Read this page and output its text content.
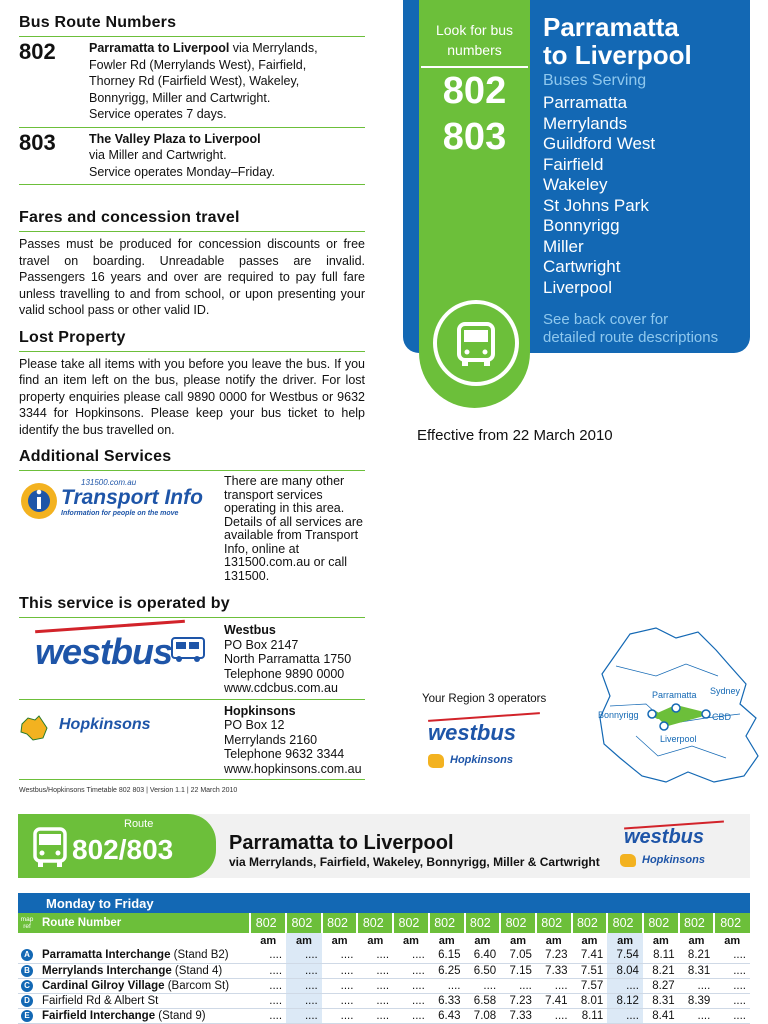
Bus Route Numbers
802	Parramatta to Liverpool via Merrylands,
Fowler Rd (Merrylands West), Fairfield,
Thorney Rd (Fairfield West), Wakeley,
Bonnyrigg, Miller and Cartwright.
Service operates 7 days.
803	The Valley Plaza to Liverpool
via Miller and Cartwright.
Service operates Monday–Friday.
Fares and concession travel
Passes must be produced for concession discounts or free travel on boarding. Unreadable passes are invalid. Passengers 16 years and over are required to pay full fare unless travelling to and from school, or upon presenting your valid school pass or other valid ID.
Lost Property
Please take all items with you before you leave the bus. If you find an item left on the bus, please notify the driver. For lost property enquiries please call 9890 0000 for Westbus or 9632 3344 for Hopkinsons. Please keep your bus ticket to help identify the bus travelled on.
Additional Services
131500.com.au
Transport Info
Information for people on the move
There are many other transport services operating in this area. Details of all services are available from Transport Info, online at 131500.com.au or call 131500.
This service is operated by
westbus
Westbus
PO Box 2147
North Parramatta 1750
Telephone 9890 0000
www.cdcbus.com.au
Hopkinsons
Hopkinsons
PO Box 12
Merrylands 2160
Telephone 9632 3344
www.hopkinsons.com.au
Westbus/Hopkinsons Timetable 802 803 | Version 1.1 | 22 March 2010
Look for bus numbers
802
803
Parramatta
to Liverpool
Buses Serving
Parramatta
Merrylands
Guildford West
Fairfield
Wakeley
St Johns Park
Bonnyrigg
Miller
Cartwright
Liverpool
See back cover for
detailed route descriptions
Effective from 22 March 2010
Your Region 3 operators
westbus
Hopkinsons
Parramatta Sydney
CBD
Bonnyrigg
Liverpool
Route
802/803	Parramatta to Liverpool
via Merrylands, Fairfield, Wakeley, Bonnyrigg, Miller & Cartwright
westbus
Hopkinsons
Monday to Friday
map ref	Route Number	802	802	802	802	802	802	802	802	802	802	802	802	802	802
		am	am	am	am	am	am	am	am	am	am	am	am	am	am
A	Parramatta Interchange (Stand B2)	....	....	....	....	....	6.15	6.40	7.05	7.23	7.41	7.54	8.11	8.21	....
B	Merrylands Interchange (Stand 4)	....	....	....	....	....	6.25	6.50	7.15	7.33	7.51	8.04	8.21	8.31	....
C	Cardinal Gilroy Village (Barcom St)	....	....	....	....	....	....	....	....	....	7.57	....	8.27	....	....
D	Fairfield Rd & Albert St	....	....	....	....	....	6.33	6.58	7.23	7.41	8.01	8.12	8.31	8.39	....
E	Fairfield Interchange (Stand 9)	....	....	....	....	....	6.43	7.08	7.33	....	8.11	....	8.41	....	....
